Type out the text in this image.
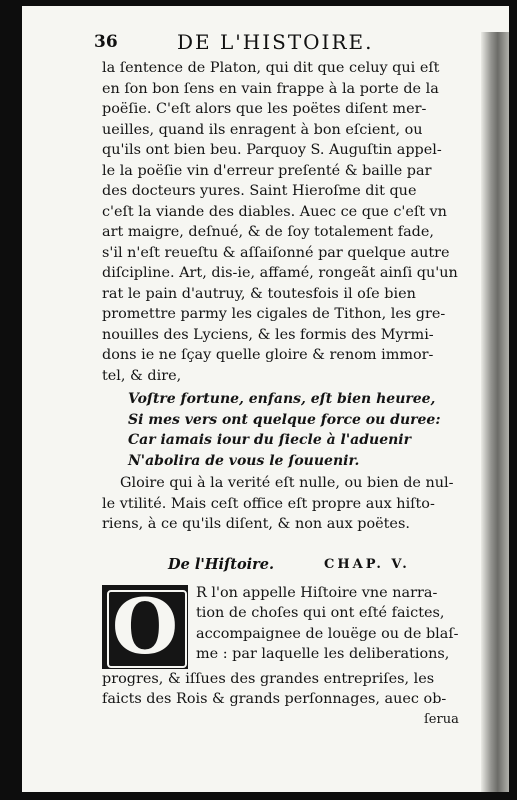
36	DE L'HISTOIRE.
la ſentence de Platon, qui dit que celuy qui eſt
en ſon bon ſens en vain frappe à la porte de la
poëſie. C'eſt alors que les poëtes diſent mer-
ueilles, quand ils enragent à bon eſcient, ou
qu'ils ont bien beu. Parquoy S. Auguſtin appel-
le la poëſie vin d'erreur preſenté & baille par
des docteurs yures. Saint Hieroſme dit que
c'eſt la viande des diables. Auec ce que c'eſt vn
art maigre, deſnué, & de ſoy totalement fade,
s'il n'eſt reueſtu & aſſaiſonné par quelque autre
diſcipline. Art, dis-ie, affamé, rongeãt ainſi qu'un
rat le pain d'autruy, & toutesfois il oſe bien
promettre parmy les cigales de Tithon, les gre-
nouilles des Lyciens, & les formis des Myrmi-
dons ie ne ſçay quelle gloire & renom immor-
tel, & dire,
Voſtre fortune, enfans, eſt bien heuree,
Si mes vers ont quelque force ou duree:
Car iamais iour du ſiecle à l'aduenir
N'abolira de vous le ſouuenir.
Gloire qui à la verité eſt nulle, ou bien de nul-
le vtilité. Mais ceſt office eſt propre aux hiſto-
riens, à ce qu'ils diſent, & non aux poëtes.
De l'Hiſtoire.	CHAP. V.
O	R l'on appelle Hiſtoire vne narra-
tion de choſes qui ont eſté faictes,
accompaignee de louëge ou de blaſ-
me : par laquelle les deliberations,
progres, & iſſues des grandes entrepriſes, les
faicts des Rois & grands perſonnages, auec ob-
ſerua
